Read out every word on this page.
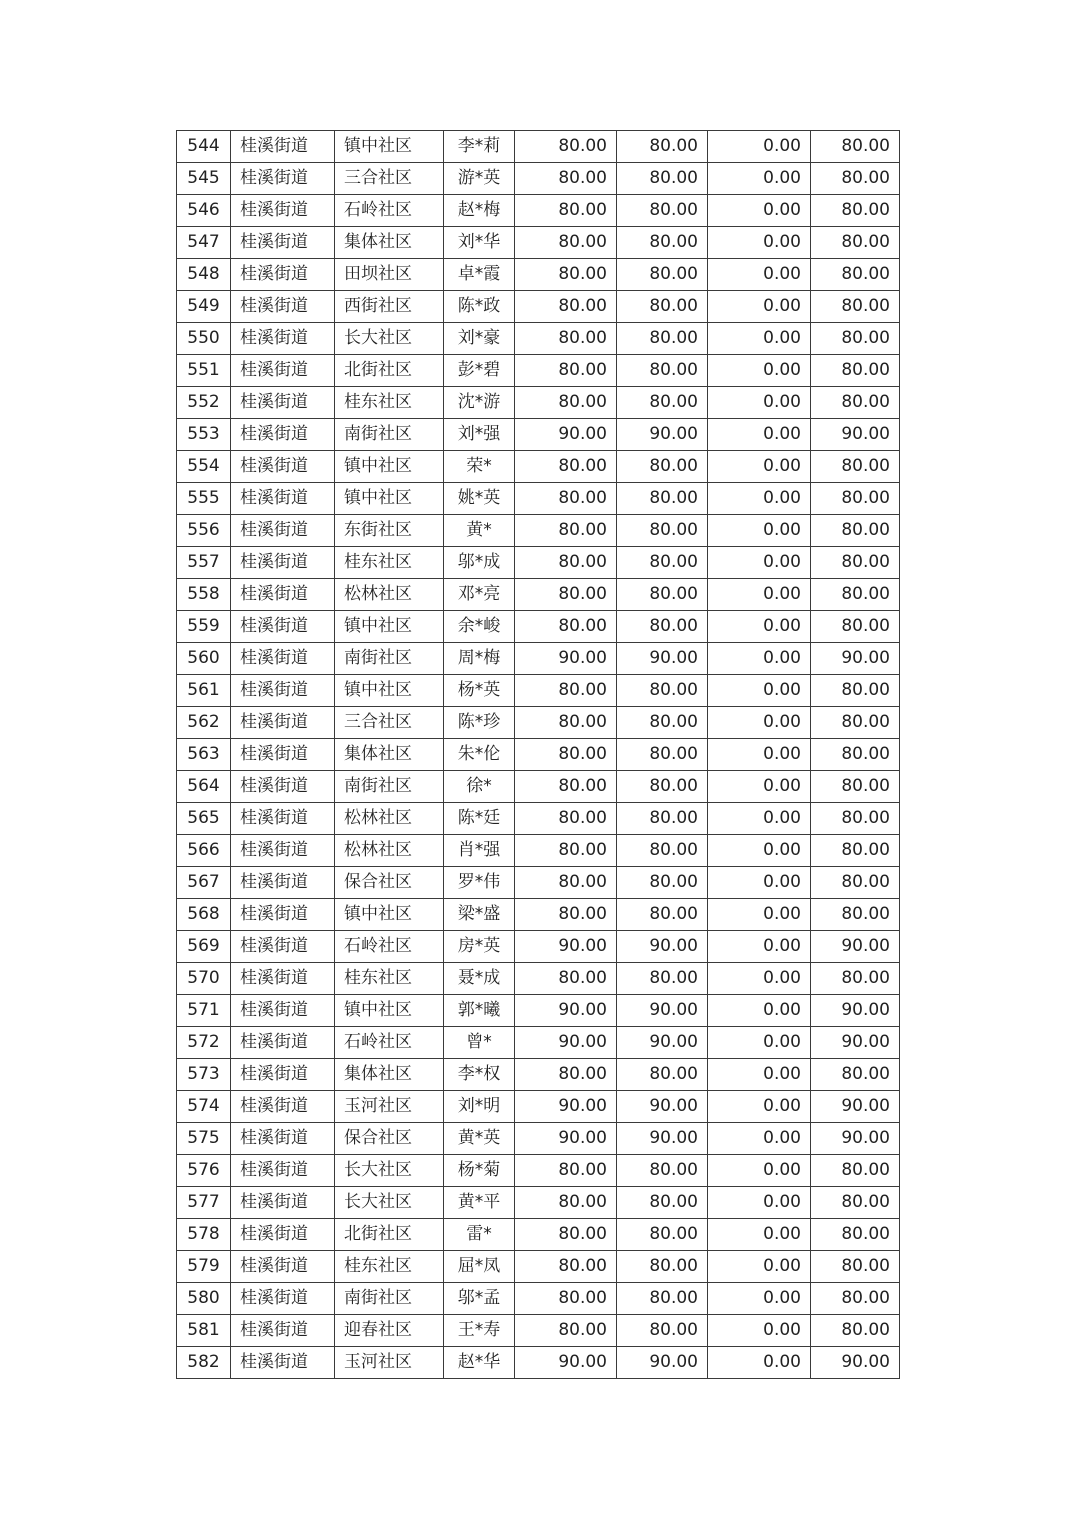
544	桂溪街道	镇中社区	李*莉	80.00	80.00	0.00	80.00
545	桂溪街道	三合社区	游*英	80.00	80.00	0.00	80.00
546	桂溪街道	石岭社区	赵*梅	80.00	80.00	0.00	80.00
547	桂溪街道	集体社区	刘*华	80.00	80.00	0.00	80.00
548	桂溪街道	田坝社区	卓*霞	80.00	80.00	0.00	80.00
549	桂溪街道	西街社区	陈*政	80.00	80.00	0.00	80.00
550	桂溪街道	长大社区	刘*豪	80.00	80.00	0.00	80.00
551	桂溪街道	北街社区	彭*碧	80.00	80.00	0.00	80.00
552	桂溪街道	桂东社区	沈*游	80.00	80.00	0.00	80.00
553	桂溪街道	南街社区	刘*强	90.00	90.00	0.00	90.00
554	桂溪街道	镇中社区	荣*	80.00	80.00	0.00	80.00
555	桂溪街道	镇中社区	姚*英	80.00	80.00	0.00	80.00
556	桂溪街道	东街社区	黄*	80.00	80.00	0.00	80.00
557	桂溪街道	桂东社区	邬*成	80.00	80.00	0.00	80.00
558	桂溪街道	松林社区	邓*亮	80.00	80.00	0.00	80.00
559	桂溪街道	镇中社区	余*峻	80.00	80.00	0.00	80.00
560	桂溪街道	南街社区	周*梅	90.00	90.00	0.00	90.00
561	桂溪街道	镇中社区	杨*英	80.00	80.00	0.00	80.00
562	桂溪街道	三合社区	陈*珍	80.00	80.00	0.00	80.00
563	桂溪街道	集体社区	朱*伦	80.00	80.00	0.00	80.00
564	桂溪街道	南街社区	徐*	80.00	80.00	0.00	80.00
565	桂溪街道	松林社区	陈*廷	80.00	80.00	0.00	80.00
566	桂溪街道	松林社区	肖*强	80.00	80.00	0.00	80.00
567	桂溪街道	保合社区	罗*伟	80.00	80.00	0.00	80.00
568	桂溪街道	镇中社区	梁*盛	80.00	80.00	0.00	80.00
569	桂溪街道	石岭社区	房*英	90.00	90.00	0.00	90.00
570	桂溪街道	桂东社区	聂*成	80.00	80.00	0.00	80.00
571	桂溪街道	镇中社区	郭*曦	90.00	90.00	0.00	90.00
572	桂溪街道	石岭社区	曾*	90.00	90.00	0.00	90.00
573	桂溪街道	集体社区	李*权	80.00	80.00	0.00	80.00
574	桂溪街道	玉河社区	刘*明	90.00	90.00	0.00	90.00
575	桂溪街道	保合社区	黄*英	90.00	90.00	0.00	90.00
576	桂溪街道	长大社区	杨*菊	80.00	80.00	0.00	80.00
577	桂溪街道	长大社区	黄*平	80.00	80.00	0.00	80.00
578	桂溪街道	北街社区	雷*	80.00	80.00	0.00	80.00
579	桂溪街道	桂东社区	屈*凤	80.00	80.00	0.00	80.00
580	桂溪街道	南街社区	邬*孟	80.00	80.00	0.00	80.00
581	桂溪街道	迎春社区	王*寿	80.00	80.00	0.00	80.00
582	桂溪街道	玉河社区	赵*华	90.00	90.00	0.00	90.00
